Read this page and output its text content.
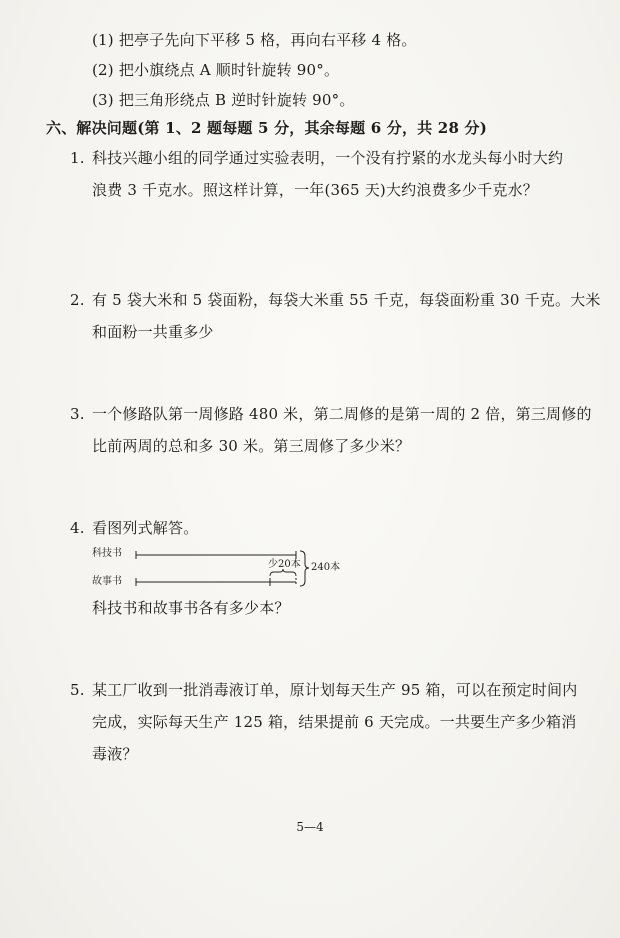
(1) 把亭子先向下平移 5 格，再向右平移 4 格。
(2) 把小旗绕点 A 顺时针旋转 90°。
(3) 把三角形绕点 B 逆时针旋转 90°。
六、解决问题(第 1、2 题每题 5 分，其余每题 6 分，共 28 分)
1. 科技兴趣小组的同学通过实验表明，一个没有拧紧的水龙头每小时大约
浪费 3 千克水。照这样计算，一年(365 天)大约浪费多少千克水？
2. 有 5 袋大米和 5 袋面粉，每袋大米重 55 千克，每袋面粉重 30 千克。大米
和面粉一共重多少
3. 一个修路队第一周修路 480 米，第二周修的是第一周的 2 倍，第三周修的
比前两周的总和多 30 米。第三周修了多少米？
4. 看图列式解答。
科技书
故事书
少20本 240本
科技书和故事书各有多少本？
5. 某工厂收到一批消毒液订单，原计划每天生产 95 箱，可以在预定时间内
完成，实际每天生产 125 箱，结果提前 6 天完成。一共要生产多少箱消
毒液？
5—4
